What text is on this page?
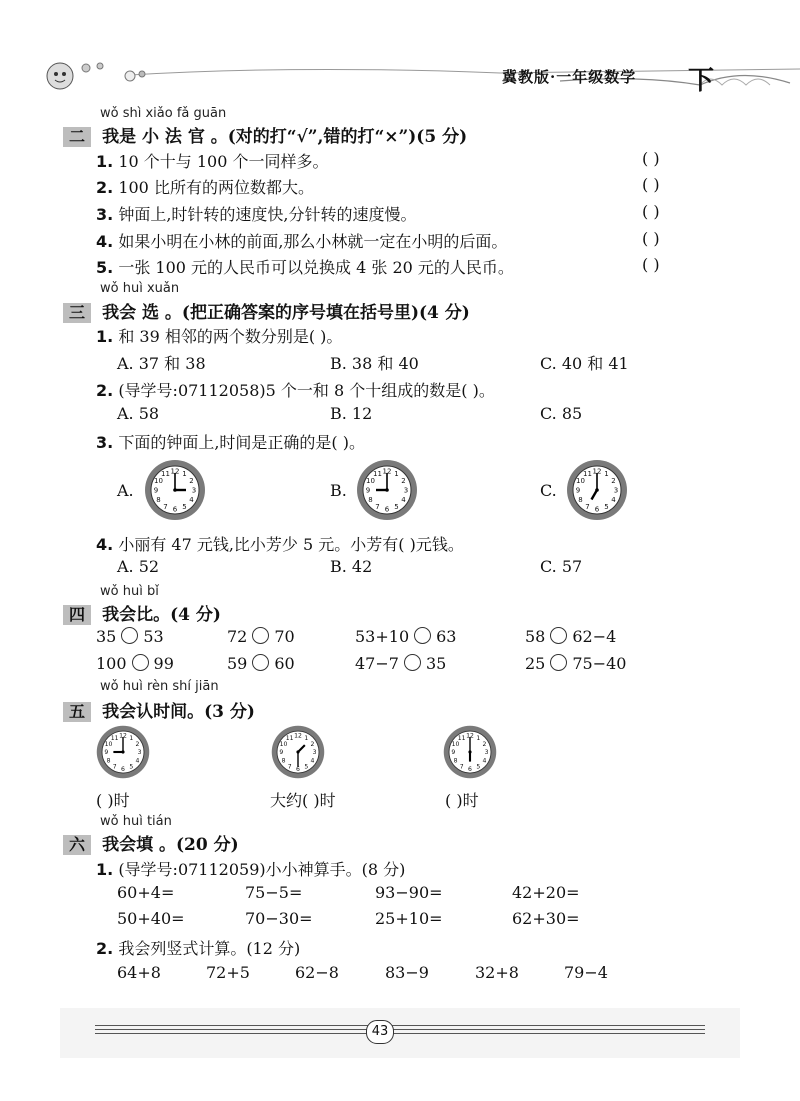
冀教版·一年级数学 下
wǒ shì xiǎo fǎ guān
二 我是 小 法 官 。(对的打“√”,错的打“×”)(5 分)
1. 10 个十与 100 个一同样多。	( )
2. 100 比所有的两位数都大。	( )
3. 钟面上,时针转的速度快,分针转的速度慢。	( )
4. 如果小明在小林的前面,那么小林就一定在小明的后面。	( )
5. 一张 100 元的人民币可以兑换成 4 张 20 元的人民币。	( )
wǒ huì xuǎn
三 我会 选 。(把正确答案的序号填在括号里)(4 分)
1. 和 39 相邻的两个数分别是( )。
A. 37 和 38	B. 38 和 40	C. 40 和 41
2. (导学号:07112058)5 个一和 8 个十组成的数是( )。
A. 58	B. 12	C. 85
3. 下面的钟面上,时间是正确的是( )。
A.
1
2
3
4
5
6
7
8
9
10
11 12
B.
1
2
3
4
5
6
7
8
9
10
11 12
C.
1
2
3
4
5
6
7
8
9
10
11 12
4. 小丽有 47 元钱,比小芳少 5 元。小芳有( )元钱。
A. 52	B. 42	C. 57
wǒ huì bǐ
四 我会比。(4 分)
35 53	72 70	53+10 63	58 62−4
100 99	59 60	47−7 35	25 75−40
wǒ huì rèn shí jiān
五 我会认时间。(3 分)
1
2
3
4
5
6
7
8
9
10
11 12	1
2
3
4
5
6
7
8
9
10
11 12	1
2
3
4
5
6
7
8
9
10
11 12
( )时	大约( )时	( )时
wǒ huì tián
六 我会填 。(20 分)
1. (导学号:07112059)小小神算手。(8 分)
60+4=	75−5=	93−90=	42+20=
50+40=	70−30=	25+10=	62+30=
2. 我会列竖式计算。(12 分)
64+8	72+5	62−8	83−9	32+8	79−4
43
